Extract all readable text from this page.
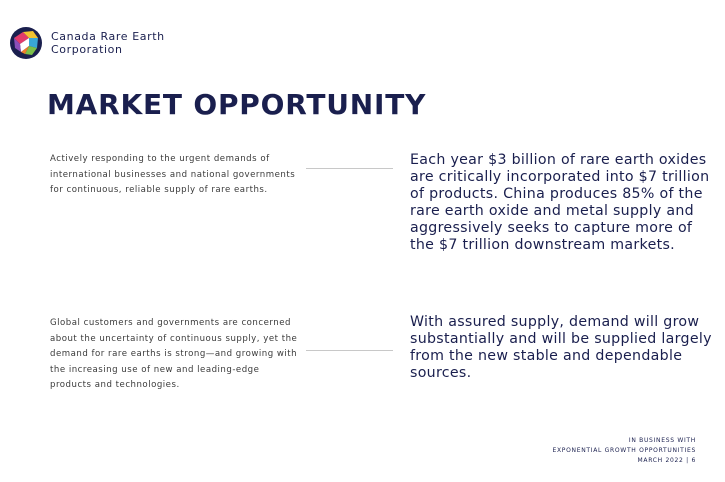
Canada Rare Earth
Corporation
MARKET OPPORTUNITY
Actively responding to the urgent demands of international businesses and national governments for continuous, reliable supply of rare earths.
Each year $3 billion of rare earth oxides are critically incorporated into $7 trillion of products. China produces 85% of the rare earth oxide and metal supply and aggressively seeks to capture more of the $7 trillion downstream markets.
Global customers and governments are concerned about the uncertainty of continuous supply, yet the demand for rare earths is strong—and growing with the increasing use of new and leading-edge products and technologies.
With assured supply, demand will grow substantially and will be supplied largely from the new stable and dependable sources.
IN BUSINESS WITH
EXPONENTIAL GROWTH OPPORTUNITIES
MARCH 2022 | 6
